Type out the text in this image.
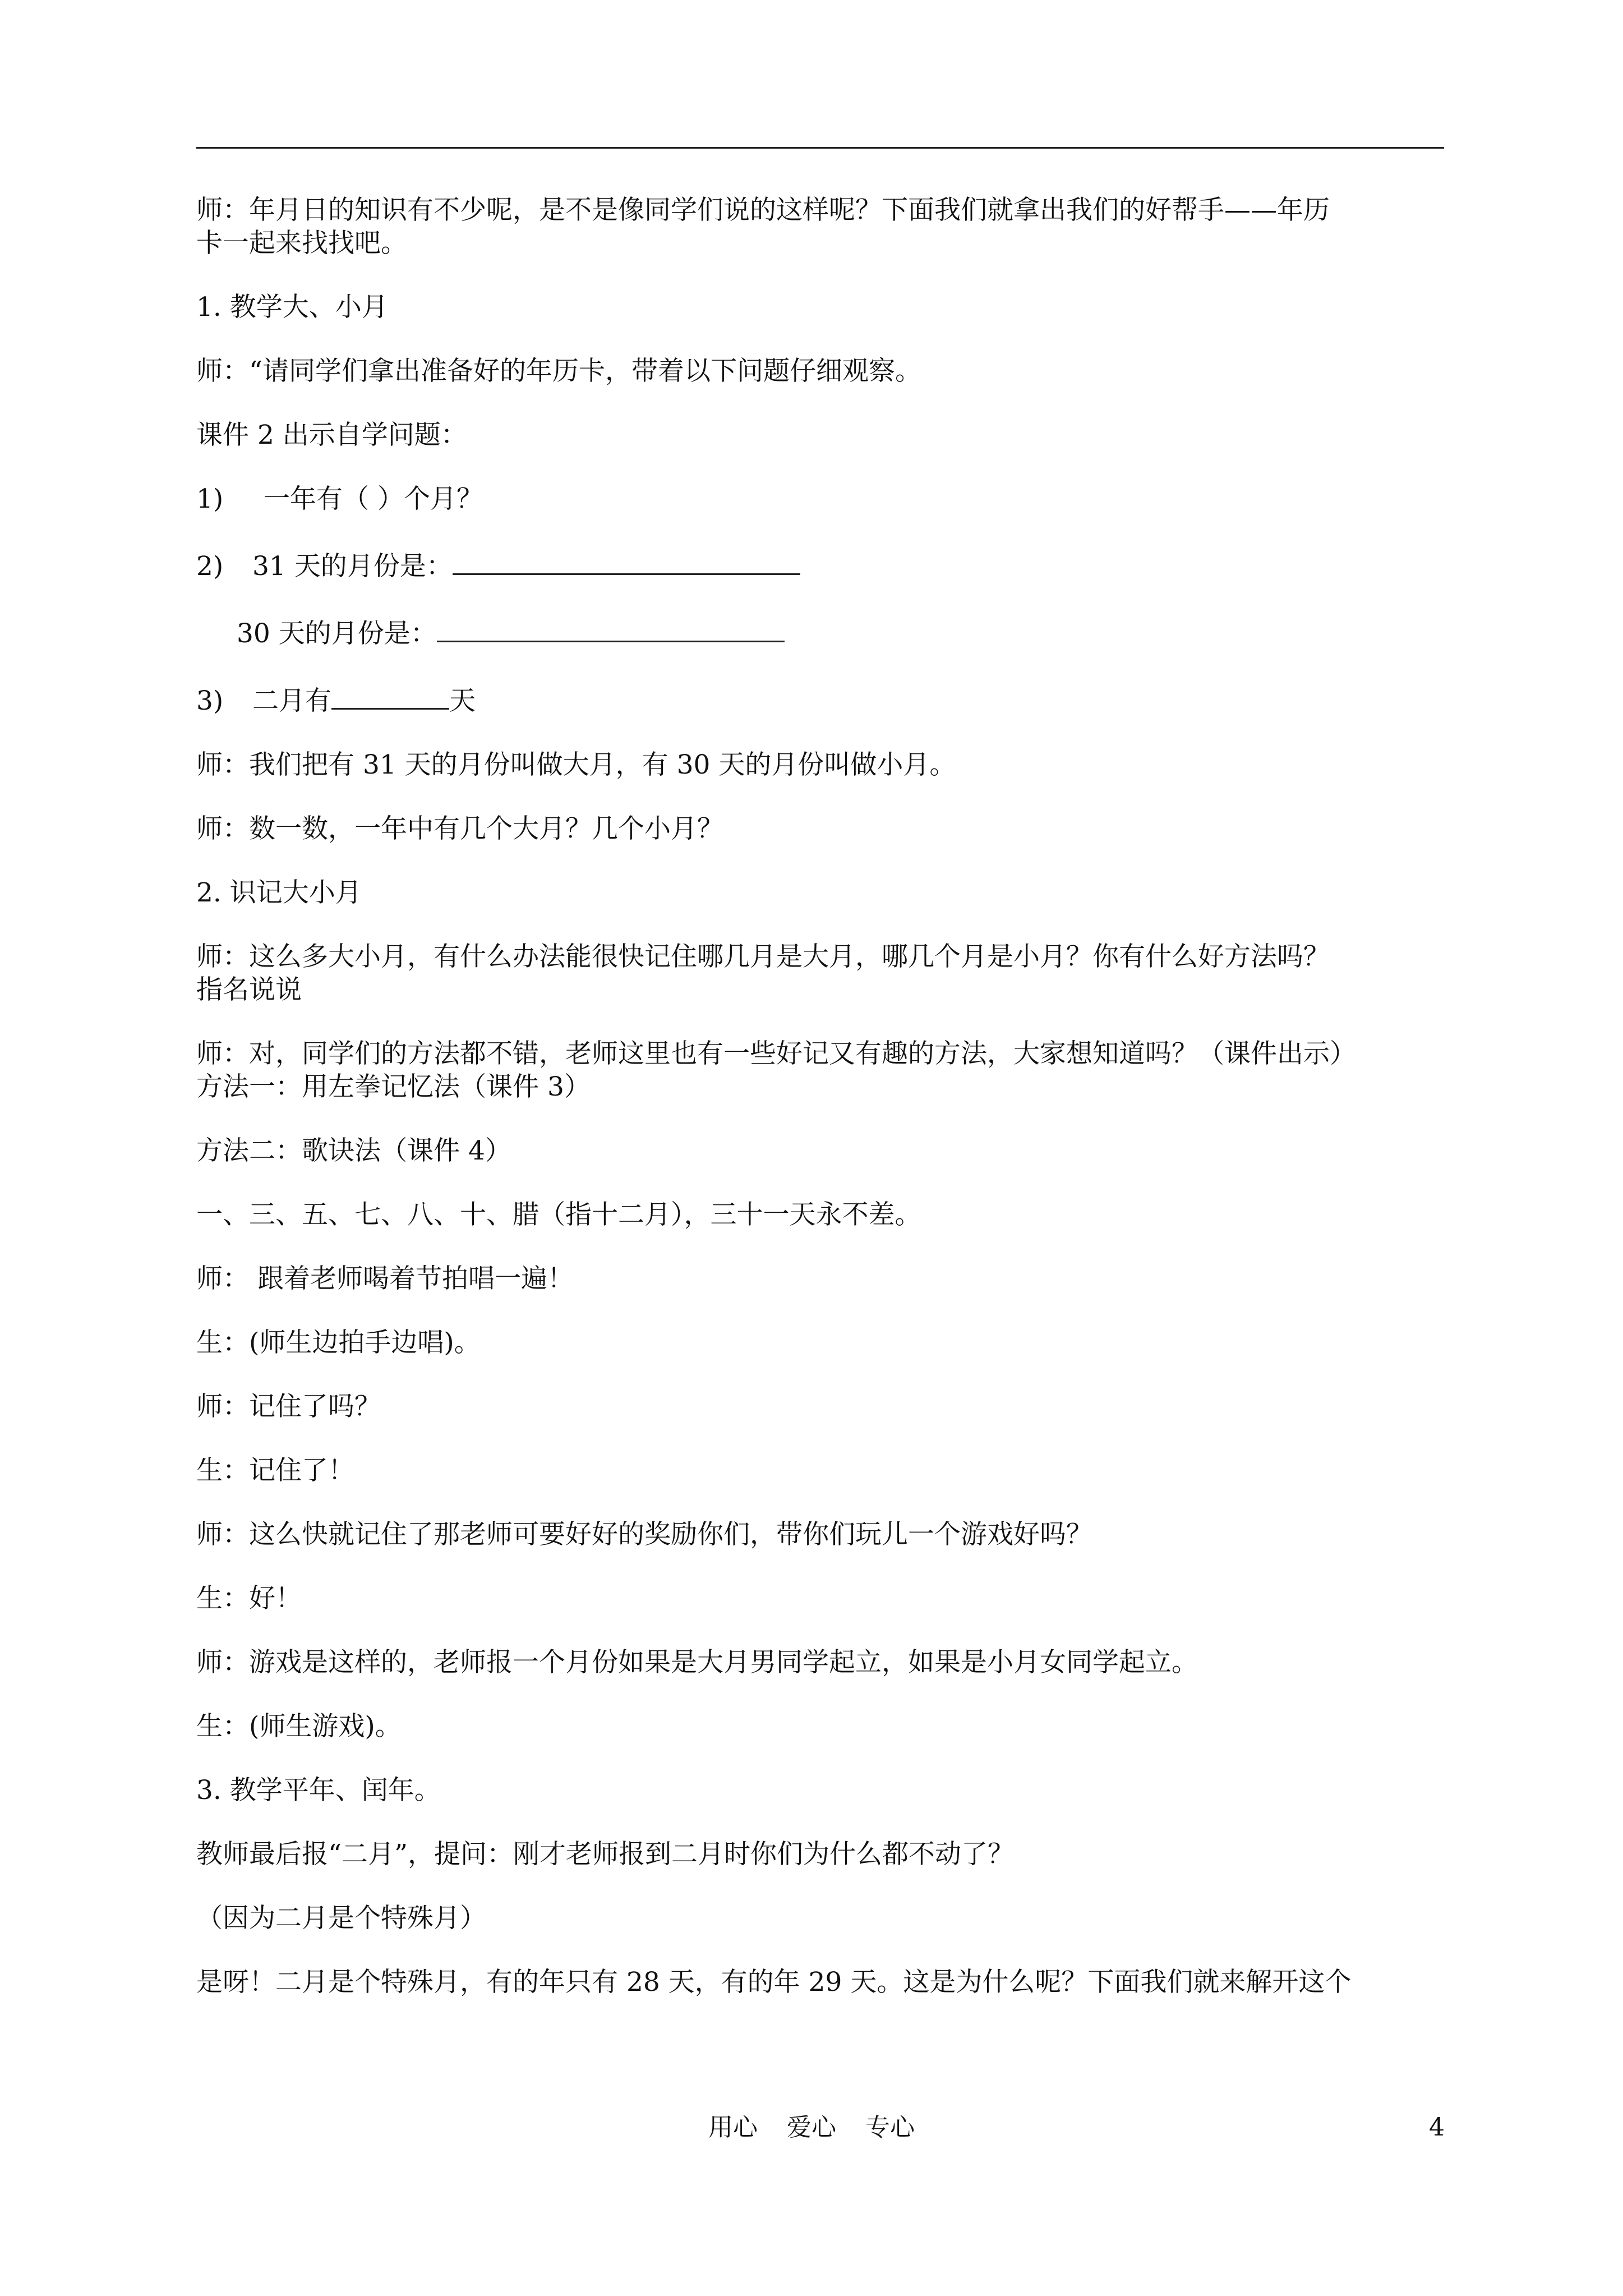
师：年月日的知识有不少呢，是不是像同学们说的这样呢？下面我们就拿出我们的好帮手——年历

卡一起来找找吧。

1. 教学大、小月

师：“请同学们拿出准备好的年历卡，带着以下问题仔细观察。

课件 2 出示自学问题：

1) 一年有（ ）个月？

2) 31 天的月份是：

30 天的月份是：

3) 二月有	天

师：我们把有 31 天的月份叫做大月，有 30 天的月份叫做小月。

师：数一数，一年中有几个大月？几个小月？

2. 识记大小月

师：这么多大小月，有什么办法能很快记住哪几月是大月，哪几个月是小月？你有什么好方法吗？

指名说说

师：对，同学们的方法都不错，老师这里也有一些好记又有趣的方法，大家想知道吗？（课件出示）

方法一：用左拳记忆法（课件 3）

方法二：歌诀法（课件 4）

一、三、五、七、八、十、腊（指十二月），三十一天永不差。

师： 跟着老师喝着节拍唱一遍！

生：(师生边拍手边唱)。

师：记住了吗？

生：记住了！

师：这么快就记住了那老师可要好好的奖励你们，带你们玩儿一个游戏好吗？

生：好！

师：游戏是这样的，老师报一个月份如果是大月男同学起立，如果是小月女同学起立。

生：(师生游戏)。

3. 教学平年、闰年。

教师最后报“二月”，提问：刚才老师报到二月时你们为什么都不动了？

（因为二月是个特殊月）

是呀！二月是个特殊月，有的年只有 28 天，有的年 29 天。这是为什么呢？下面我们就来解开这个

用心 爱心 专心	4
